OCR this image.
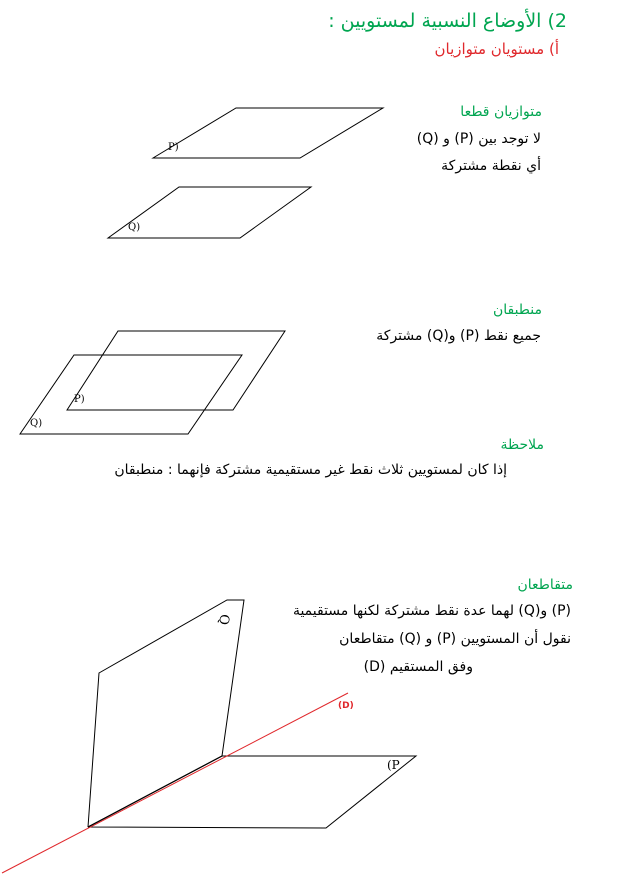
2) الأوضاع النسبية لمستويين :
أ) مستويان متوازيان
متوازيان قطعا
لا توجد بين (P) و (Q)
أي نقطة مشتركة
منطبقان
جميع نقط (P) و(Q) مشتركة
ملاحظة
إذا كان لمستويين ثلاث نقط غير مستقيمية مشتركة فإنهما : منطبقان
متقاطعان
(P) و(Q) لهما عدة نقط مشتركة لكنها مستقيمية
نقول أن المستويين (P) و (Q) متقاطعان
وفق المستقيم (D)
P)
Q)
P)
Q)
Q
(P
(D)
